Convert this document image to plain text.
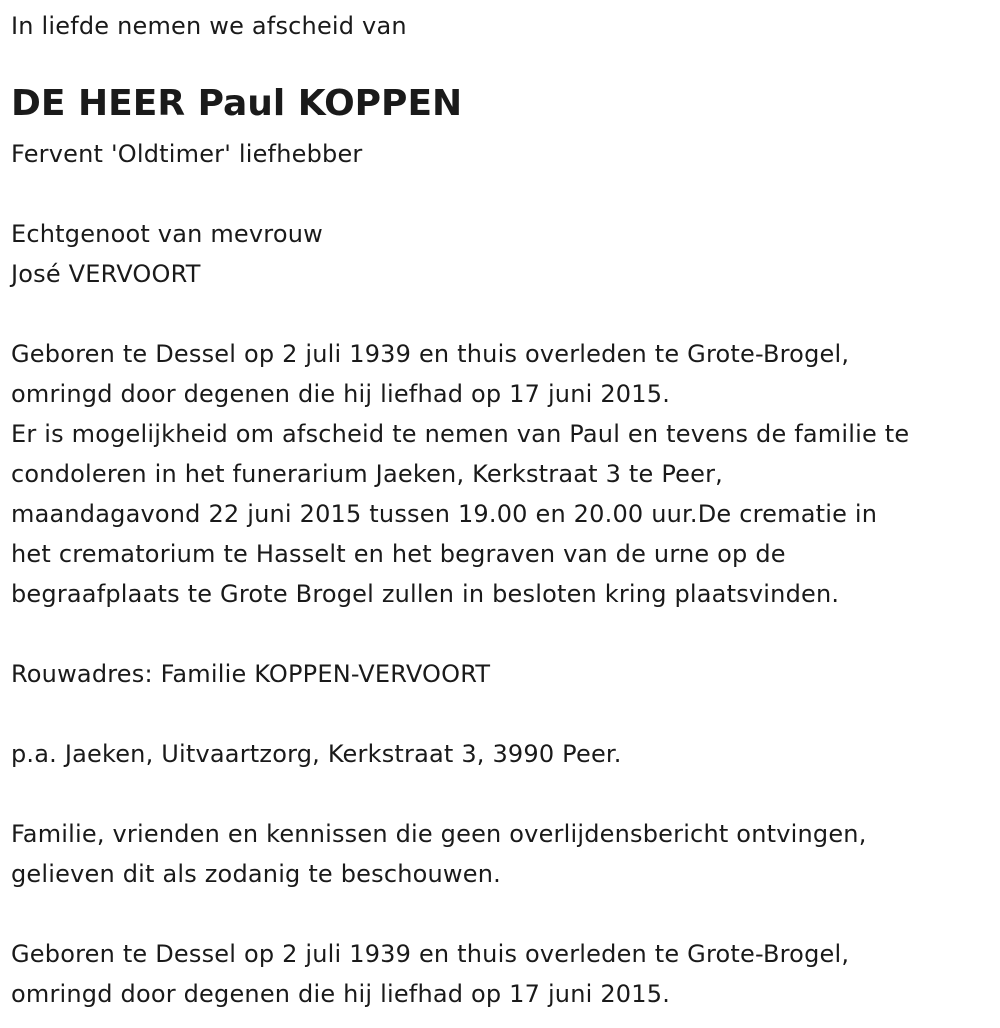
In liefde nemen we afscheid van
DE HEER Paul KOPPEN
Fervent 'Oldtimer' liefhebber
Echtgenoot van mevrouw
José VERVOORT
Geboren te Dessel op 2 juli 1939 en thuis overleden te Grote-Brogel,
omringd door degenen die hij liefhad op 17 juni 2015.
Er is mogelijkheid om afscheid te nemen van Paul en tevens de familie te
condoleren in het funerarium Jaeken, Kerkstraat 3 te Peer,
maandagavond 22 juni 2015 tussen 19.00 en 20.00 uur.De crematie in
het crematorium te Hasselt en het begraven van de urne op de
begraafplaats te Grote Brogel zullen in besloten kring plaatsvinden.
Rouwadres: Familie KOPPEN-VERVOORT
p.a. Jaeken, Uitvaartzorg, Kerkstraat 3, 3990 Peer.
Familie, vrienden en kennissen die geen overlijdensbericht ontvingen,
gelieven dit als zodanig te beschouwen.
Geboren te Dessel op 2 juli 1939 en thuis overleden te Grote-Brogel,
omringd door degenen die hij liefhad op 17 juni 2015.
